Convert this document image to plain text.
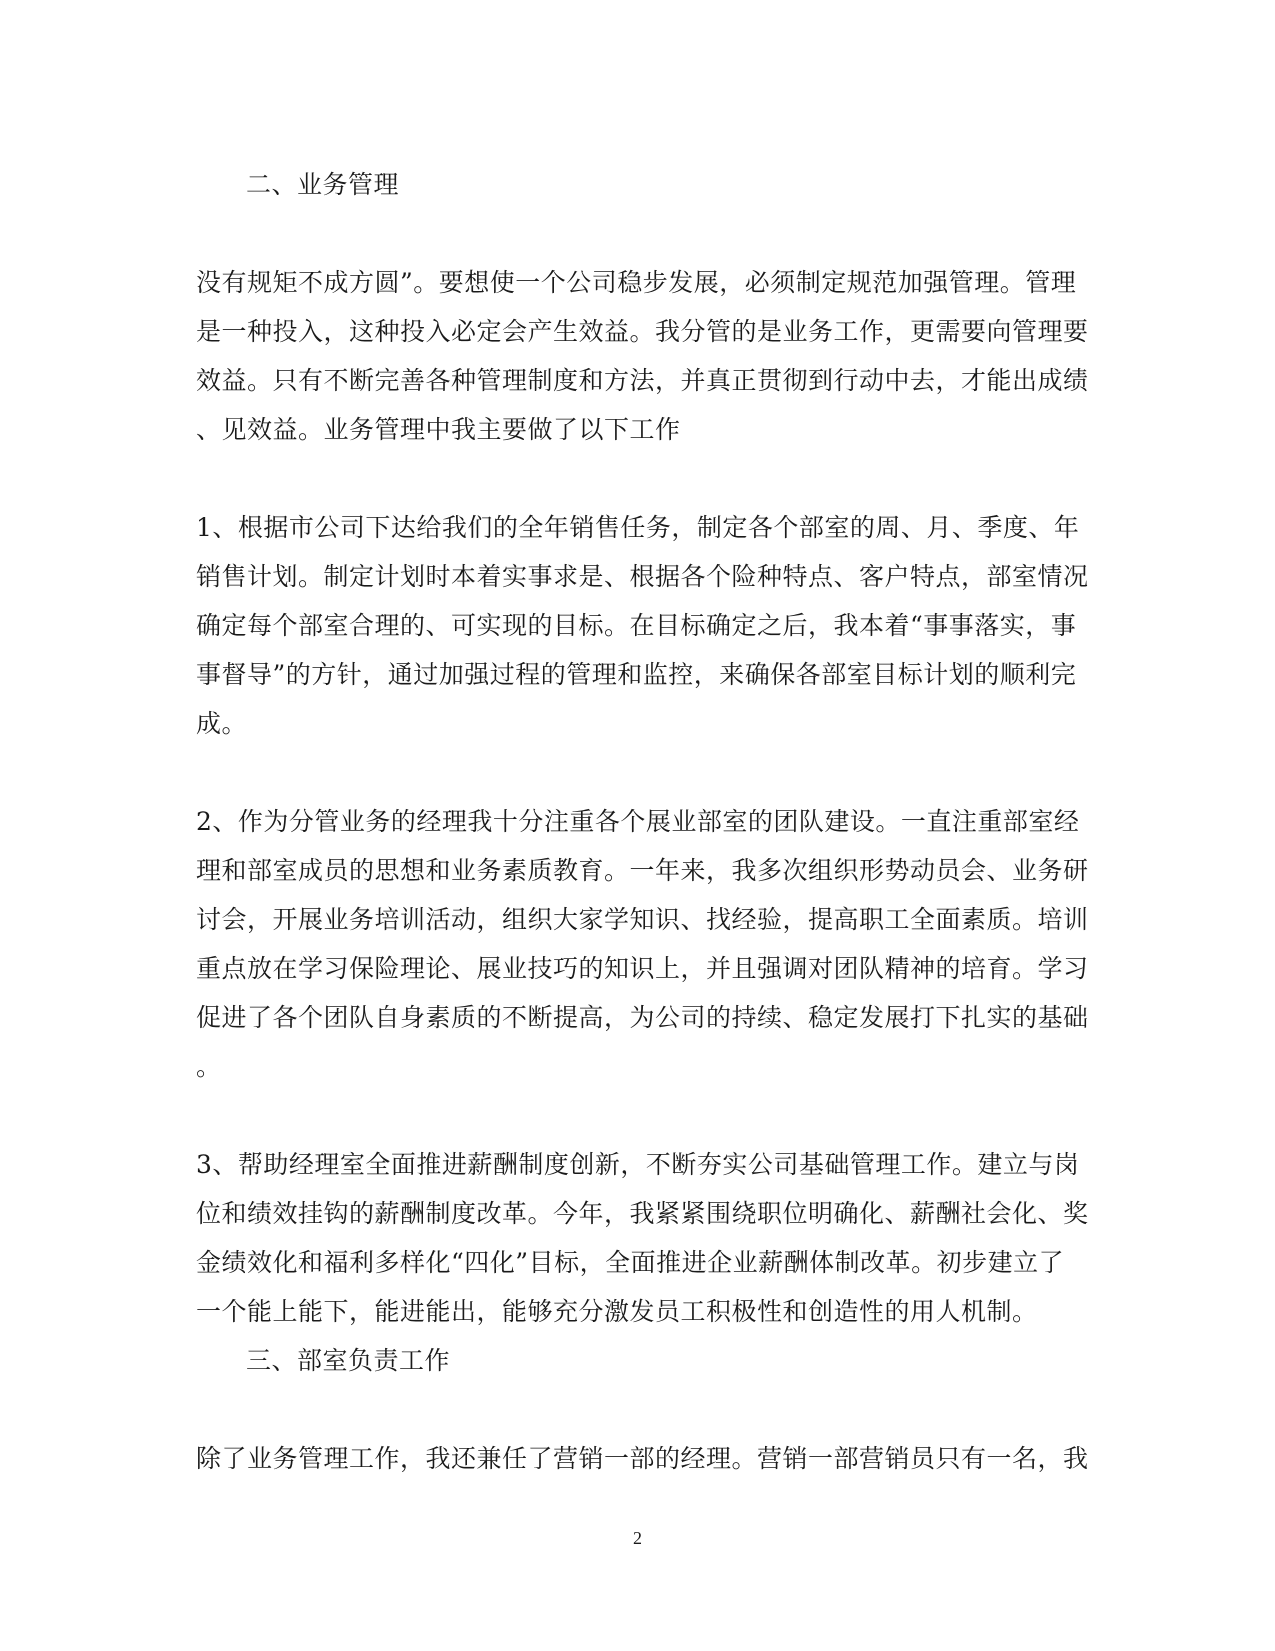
二、业务管理
没有规矩不成方圆”。要想使一个公司稳步发展，必须制定规范加强管理。管理
是一种投入，这种投入必定会产生效益。我分管的是业务工作，更需要向管理要
效益。只有不断完善各种管理制度和方法，并真正贯彻到行动中去，才能出成绩
、见效益。业务管理中我主要做了以下工作
1、根据市公司下达给我们的全年销售任务，制定各个部室的周、月、季度、年
销售计划。制定计划时本着实事求是、根据各个险种特点、客户特点，部室情况
确定每个部室合理的、可实现的目标。在目标确定之后，我本着“事事落实，事
事督导”的方针，通过加强过程的管理和监控，来确保各部室目标计划的顺利完
成。
2、作为分管业务的经理我十分注重各个展业部室的团队建设。一直注重部室经
理和部室成员的思想和业务素质教育。一年来，我多次组织形势动员会、业务研
讨会，开展业务培训活动，组织大家学知识、找经验，提高职工全面素质。培训
重点放在学习保险理论、展业技巧的知识上，并且强调对团队精神的培育。学习
促进了各个团队自身素质的不断提高，为公司的持续、稳定发展打下扎实的基础
。
3、帮助经理室全面推进薪酬制度创新，不断夯实公司基础管理工作。建立与岗
位和绩效挂钩的薪酬制度改革。今年，我紧紧围绕职位明确化、薪酬社会化、奖
金绩效化和福利多样化“四化”目标，全面推进企业薪酬体制改革。初步建立了
一个能上能下，能进能出，能够充分激发员工积极性和创造性的用人机制。
三、部室负责工作
除了业务管理工作，我还兼任了营销一部的经理。营销一部营销员只有一名，我
2
